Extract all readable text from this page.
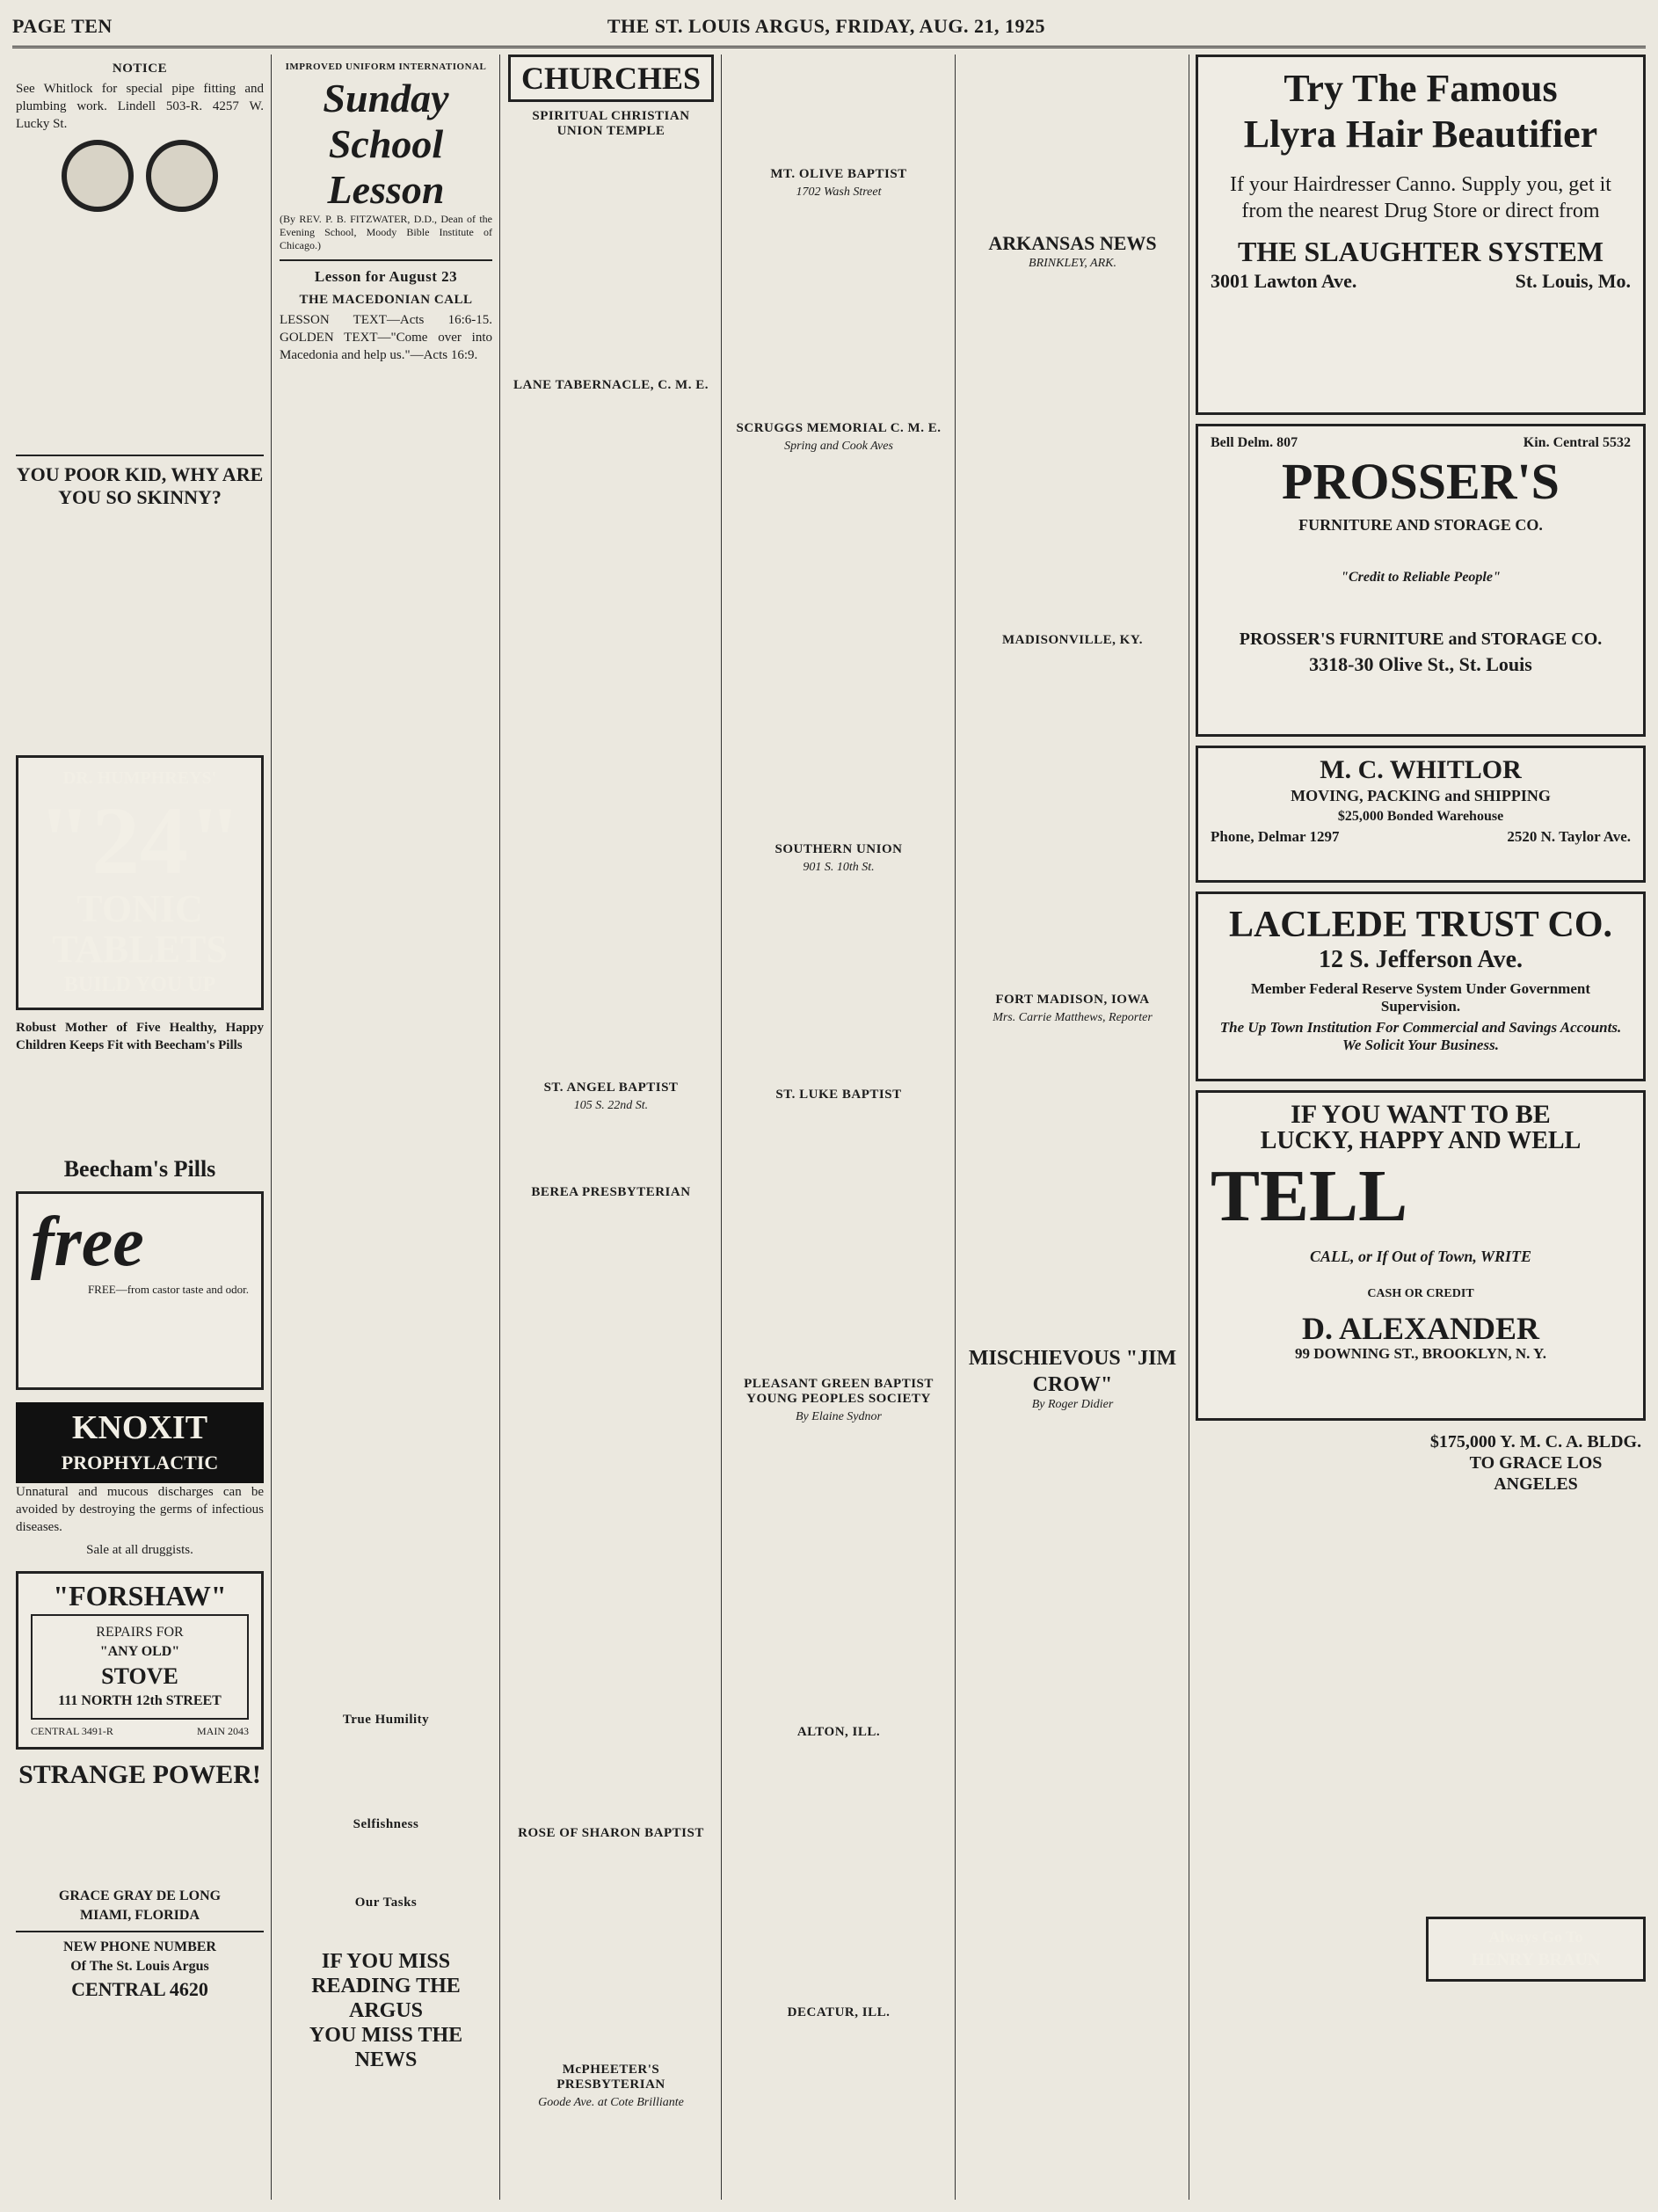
PAGE TEN	THE ST. LOUIS ARGUS, FRIDAY, AUG. 21, 1925
NOTICE

See Whitlock for special pipe fitting and plumbing work. Lindell 503-R. 4257 W. Lucky St.

YOU POOR KID, WHY ARE YOU SO SKINNY?
DR. HUMPHREYS'
"24"
TONIC
TABLETS
BUILD YOU UP

Robust Mother of Five Healthy, Happy Children Keeps Fit with Beecham's Pills

Beecham's Pills
free
FREE—from castor taste and odor.
KNOXIT
PROPHYLACTIC

Unnatural and mucous discharges can be avoided by destroying the germs of infectious diseases.

Sale at all druggists.

"FORSHAW"
REPAIRS FOR
"ANY OLD"
STOVE
111 NORTH 12th STREET
CENTRAL 3491-R	MAIN 2043
STRANGE POWER!
GRACE GRAY DE LONG
MIAMI, FLORIDA
NEW PHONE NUMBER
Of The St. Louis Argus
CENTRAL 4620
IMPROVED UNIFORM INTERNATIONAL
Sunday School Lesson

(By REV. P. B. FITZWATER, D.D., Dean of the Evening School, Moody Bible Institute of Chicago.)

Lesson for August 23
THE MACEDONIAN CALL

LESSON TEXT—Acts 16:6-15. GOLDEN TEXT—"Come over into Macedonia and help us."—Acts 16:9.

True Humility
Selfishness
Our Tasks
IF YOU MISS
READING THE ARGUS
YOU MISS THE NEWS
CHURCHES
SPIRITUAL CHRISTIAN UNION TEMPLE
LANE TABERNACLE, C. M. E.
ST. ANGEL BAPTIST
105 S. 22nd St.
BEREA PRESBYTERIAN
ROSE OF SHARON BAPTIST
McPHEETER'S PRESBYTERIAN
Goode Ave. at Cote Brilliante
MT. OLIVE BAPTIST
1702 Wash Street
SCRUGGS MEMORIAL C. M. E.
Spring and Cook Aves
SOUTHERN UNION
901 S. 10th St.
ST. LUKE BAPTIST
PLEASANT GREEN BAPTIST YOUNG PEOPLES SOCIETY
By Elaine Sydnor
ALTON, ILL.
DECATUR, ILL.
ARKANSAS NEWS
BRINKLEY, ARK.
MADISONVILLE, KY.
FORT MADISON, IOWA
Mrs. Carrie Matthews, Reporter
MISCHIEVOUS "JIM CROW"
By Roger Didier
Try The Famous
Llyra Hair Beautifier
If your Hairdresser Canno. Supply you, get it from the nearest Drug Store or direct from
THE SLAUGHTER SYSTEM
3001 Lawton Ave.	St. Louis, Mo.
Bell Delm. 807	Kin. Central 5532
PROSSER'S
FURNITURE AND STORAGE CO.
"Credit to Reliable People"
PROSSER'S FURNITURE and STORAGE CO.
3318-30 Olive St., St. Louis
M. C. WHITLOR
MOVING, PACKING and SHIPPING
$25,000 Bonded Warehouse
Phone, Delmar 1297	2520 N. Taylor Ave.
LACLEDE TRUST CO.
12 S. Jefferson Ave.
Member Federal Reserve System Under Government Supervision.
The Up Town Institution For Commercial and Savings Accounts. We Solicit Your Business.
IF YOU WANT TO BE
LUCKY, HAPPY AND WELL
TELL
CALL, or If Out of Town, WRITE
CASH OR CREDIT
D. ALEXANDER
99 DOWNING ST., BROOKLYN, N. Y.
$175,000 Y. M. C. A. BLDG. TO GRACE LOS ANGELES
Always Go To
HENRY BRAUN
